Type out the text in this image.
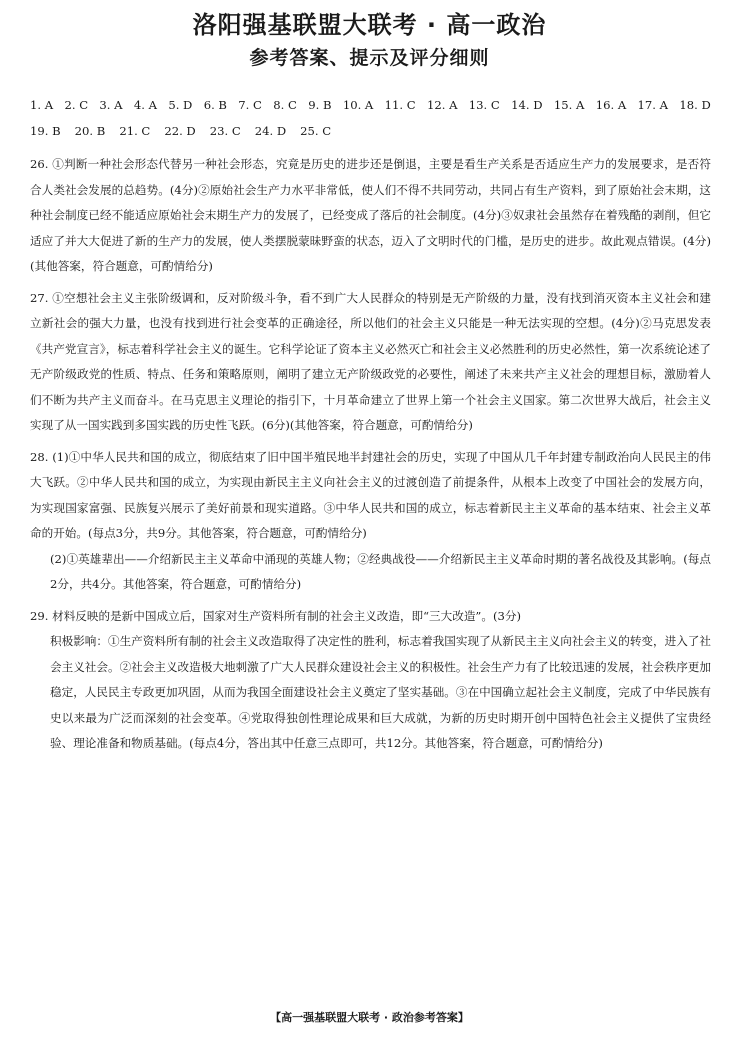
洛阳强基联盟大联考 · 高一政治
参考答案、提示及评分细则
1. A 2. C 3. A 4. A 5. D 6. B 7. C 8. C 9. B 10. A 11. C 12. A 13. C 14. D 15. A 16. A 17. A 18. D
19. B 20. B 21. C 22. D 23. C 24. D 25. C

26. ①判断一种社会形态代替另一种社会形态，究竟是历史的进步还是倒退，主要是看生产关系是否适应生产力的发展要求，是否符合人类社会发展的总趋势。(4分)②原始社会生产力水平非常低，使人们不得不共同劳动，共同占有生产资料，到了原始社会末期，这种社会制度已经不能适应原始社会末期生产力的发展了，已经变成了落后的社会制度。(4分)③奴隶社会虽然存在着残酷的剥削，但它适应了并大大促进了新的生产力的发展，使人类摆脱蒙昧野蛮的状态，迈入了文明时代的门槛，是历史的进步。故此观点错误。(4分)(其他答案，符合题意，可酌情给分)

27. ①空想社会主义主张阶级调和，反对阶级斗争，看不到广大人民群众的特别是无产阶级的力量，没有找到消灭资本主义社会和建立新社会的强大力量，也没有找到进行社会变革的正确途径，所以他们的社会主义只能是一种无法实现的空想。(4分)②马克思发表《共产党宣言》，标志着科学社会主义的诞生。它科学论证了资本主义必然灭亡和社会主义必然胜利的历史必然性，第一次系统论述了无产阶级政党的性质、特点、任务和策略原则，阐明了建立无产阶级政党的必要性，阐述了未来共产主义社会的理想目标，激励着人们不断为共产主义而奋斗。在马克思主义理论的指引下，十月革命建立了世界上第一个社会主义国家。第二次世界大战后，社会主义实现了从一国实践到多国实践的历史性飞跃。(6分)(其他答案，符合题意，可酌情给分)

28. (1)①中华人民共和国的成立，彻底结束了旧中国半殖民地半封建社会的历史，实现了中国从几千年封建专制政治向人民民主的伟大飞跃。②中华人民共和国的成立，为实现由新民主主义向社会主义的过渡创造了前提条件，从根本上改变了中国社会的发展方向，为实现国家富强、民族复兴展示了美好前景和现实道路。③中华人民共和国的成立，标志着新民主主义革命的基本结束、社会主义革命的开始。(每点3分，共9分。其他答案，符合题意，可酌情给分)

(2)①英雄辈出——介绍新民主主义革命中涌现的英雄人物；②经典战役——介绍新民主主义革命时期的著名战役及其影响。(每点2分，共4分。其他答案，符合题意，可酌情给分)

29. 材料反映的是新中国成立后，国家对生产资料所有制的社会主义改造，即“三大改造”。(3分)

积极影响：①生产资料所有制的社会主义改造取得了决定性的胜利，标志着我国实现了从新民主主义向社会主义的转变，进入了社会主义社会。②社会主义改造极大地刺激了广大人民群众建设社会主义的积极性。社会生产力有了比较迅速的发展，社会秩序更加稳定，人民民主专政更加巩固，从而为我国全面建设社会主义奠定了坚实基础。③在中国确立起社会主义制度，完成了中华民族有史以来最为广泛而深刻的社会变革。④党取得独创性理论成果和巨大成就，为新的历史时期开创中国特色社会主义提供了宝贵经验、理论准备和物质基础。(每点4分，答出其中任意三点即可，共12分。其他答案，符合题意，可酌情给分)

【高一强基联盟大联考 · 政治参考答案】
